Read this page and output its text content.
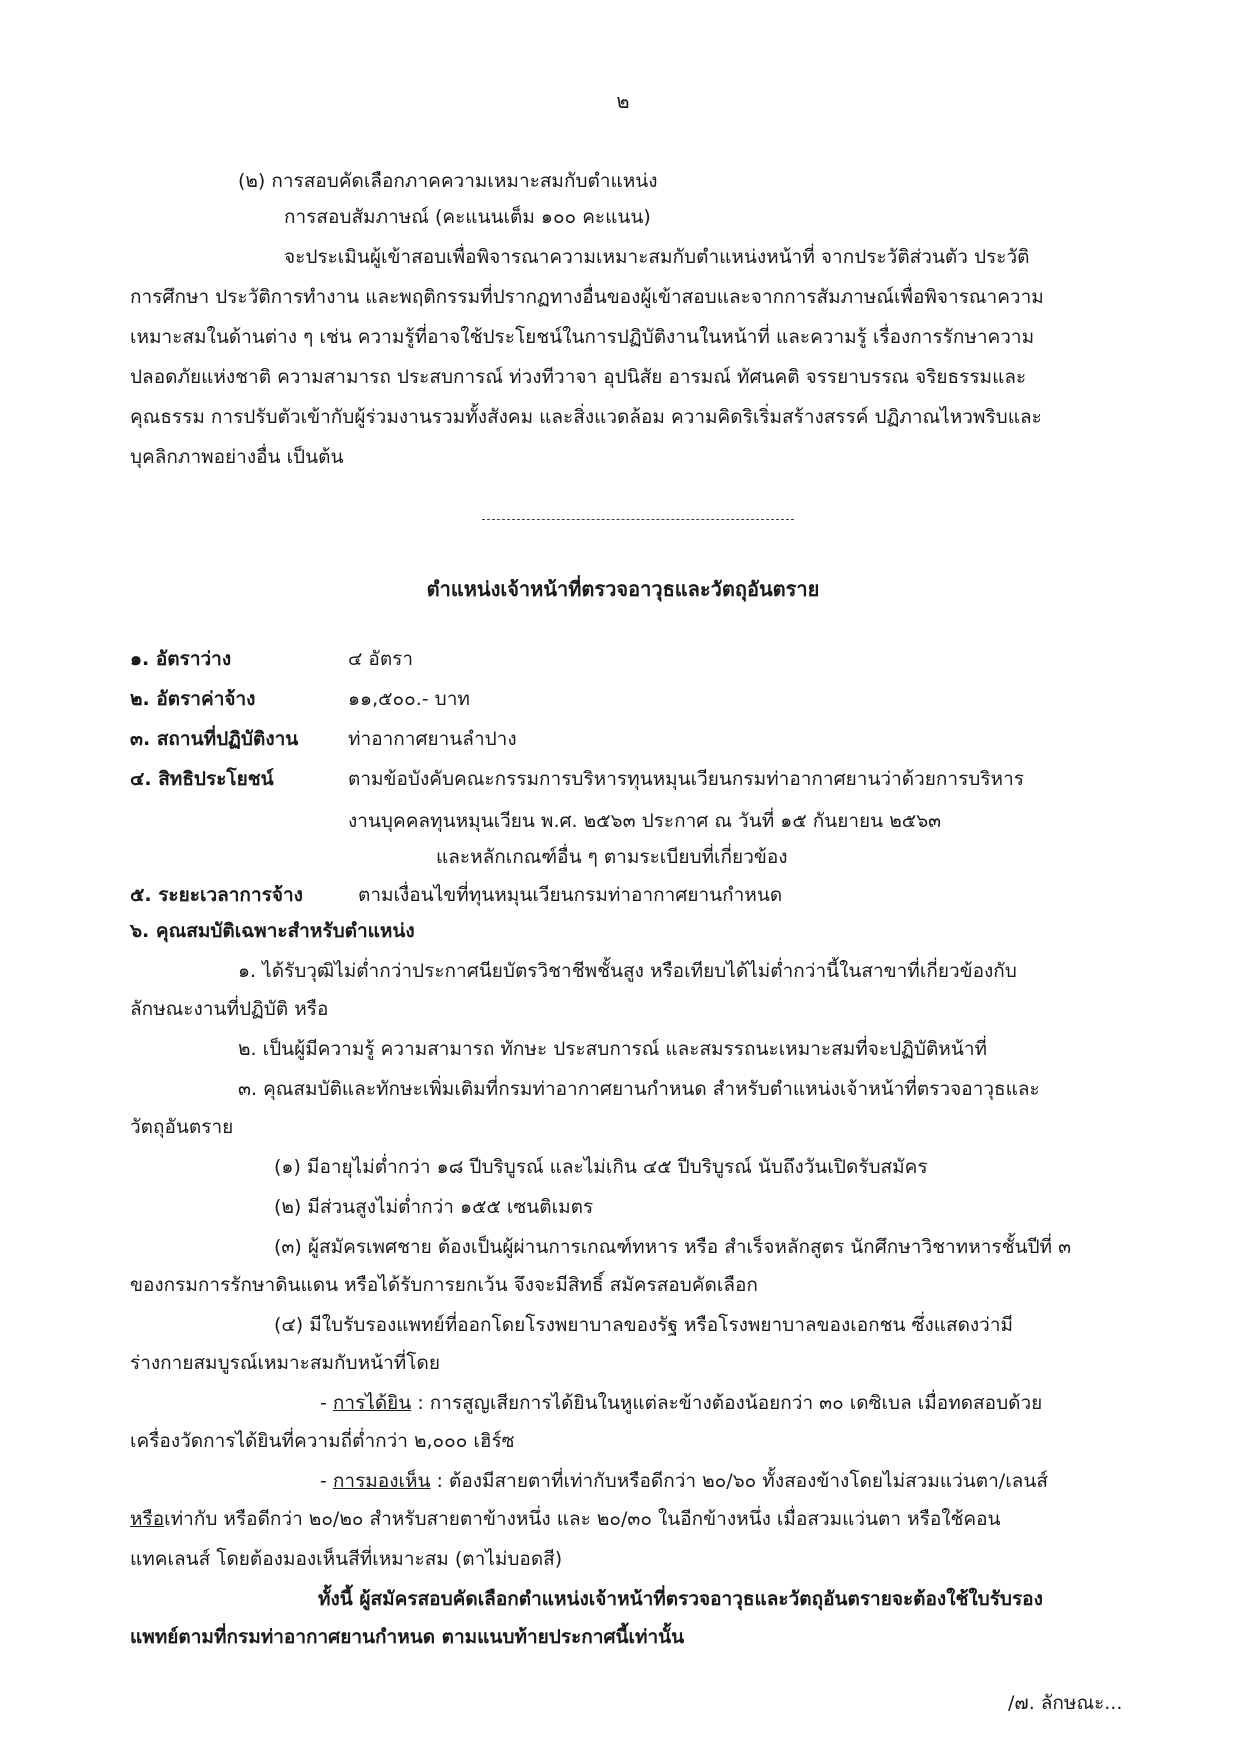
๒
(๒) การสอบคัดเลือกภาคความเหมาะสมกับตำแหน่ง
การสอบสัมภาษณ์ (คะแนนเต็ม ๑๐๐ คะแนน)
จะประเมินผู้เข้าสอบเพื่อพิจารณาความเหมาะสมกับตำแหน่งหน้าที่ จากประวัติส่วนตัว ประวัติ
การศึกษา ประวัติการทำงาน และพฤติกรรมที่ปรากฏทางอื่นของผู้เข้าสอบและจากการสัมภาษณ์เพื่อพิจารณาความ
เหมาะสมในด้านต่าง ๆ เช่น ความรู้ที่อาจใช้ประโยชน์ในการปฏิบัติงานในหน้าที่ และความรู้ เรื่องการรักษาความ
ปลอดภัยแห่งชาติ ความสามารถ ประสบการณ์ ท่วงทีวาจา อุปนิสัย อารมณ์ ทัศนคติ จรรยาบรรณ จริยธรรมและ
คุณธรรม การปรับตัวเข้ากับผู้ร่วมงานรวมทั้งสังคม และสิ่งแวดล้อม ความคิดริเริ่มสร้างสรรค์ ปฏิภาณไหวพริบและ
บุคลิกภาพอย่างอื่น เป็นต้น
ตำแหน่งเจ้าหน้าที่ตรวจอาวุธและวัตถุอันตราย
๑. อัตราว่าง	๔ อัตรา
๒. อัตราค่าจ้าง	๑๑,๕๐๐.- บาท
๓. สถานที่ปฏิบัติงาน	ท่าอากาศยานลำปาง
๔. สิทธิประโยชน์	ตามข้อบังคับคณะกรรมการบริหารทุนหมุนเวียนกรมท่าอากาศยานว่าด้วยการบริหาร
งานบุคคลทุนหมุนเวียน พ.ศ. ๒๕๖๓ ประกาศ ณ วันที่ ๑๕ กันยายน ๒๕๖๓
และหลักเกณฑ์อื่น ๆ ตามระเบียบที่เกี่ยวข้อง
๕. ระยะเวลาการจ้าง	ตามเงื่อนไขที่ทุนหมุนเวียนกรมท่าอากาศยานกำหนด
๖. คุณสมบัติเฉพาะสำหรับตำแหน่ง
๑. ได้รับวุฒิไม่ต่ำกว่าประกาศนียบัตรวิชาชีพชั้นสูง หรือเทียบได้ไม่ต่ำกว่านี้ในสาขาที่เกี่ยวข้องกับ
ลักษณะงานที่ปฏิบัติ หรือ
๒. เป็นผู้มีความรู้ ความสามารถ ทักษะ ประสบการณ์ และสมรรถนะเหมาะสมที่จะปฏิบัติหน้าที่
๓. คุณสมบัติและทักษะเพิ่มเติมที่กรมท่าอากาศยานกำหนด สำหรับตำแหน่งเจ้าหน้าที่ตรวจอาวุธและ
วัตถุอันตราย
(๑) มีอายุไม่ต่ำกว่า ๑๘ ปีบริบูรณ์ และไม่เกิน ๔๕ ปีบริบูรณ์ นับถึงวันเปิดรับสมัคร
(๒) มีส่วนสูงไม่ต่ำกว่า ๑๕๕ เซนติเมตร
(๓) ผู้สมัครเพศชาย ต้องเป็นผู้ผ่านการเกณฑ์ทหาร หรือ สำเร็จหลักสูตร นักศึกษาวิชาทหารชั้นปีที่ ๓
ของกรมการรักษาดินแดน หรือได้รับการยกเว้น จึงจะมีสิทธิ์ สมัครสอบคัดเลือก
(๔) มีใบรับรองแพทย์ที่ออกโดยโรงพยาบาลของรัฐ หรือโรงพยาบาลของเอกชน ซึ่งแสดงว่ามี
ร่างกายสมบูรณ์เหมาะสมกับหน้าที่โดย
- การได้ยิน : การสูญเสียการได้ยินในหูแต่ละข้างต้องน้อยกว่า ๓๐ เดซิเบล เมื่อทดสอบด้วย
เครื่องวัดการได้ยินที่ความถี่ต่ำกว่า ๒,๐๐๐ เฮิร์ซ
- การมองเห็น : ต้องมีสายตาที่เท่ากับหรือดีกว่า ๒๐/๖๐ ทั้งสองข้างโดยไม่สวมแว่นตา/เลนส์
หรือเท่ากับ หรือดีกว่า ๒๐/๒๐ สำหรับสายตาข้างหนึ่ง และ ๒๐/๓๐ ในอีกข้างหนึ่ง เมื่อสวมแว่นตา หรือใช้คอน
แทคเลนส์ โดยต้องมองเห็นสีที่เหมาะสม (ตาไม่บอดสี)
ทั้งนี้ ผู้สมัครสอบคัดเลือกตำแหน่งเจ้าหน้าที่ตรวจอาวุธและวัตถุอันตรายจะต้องใช้ใบรับรอง
แพทย์ตามที่กรมท่าอากาศยานกำหนด ตามแนบท้ายประกาศนี้เท่านั้น
/๗. ลักษณะ...
